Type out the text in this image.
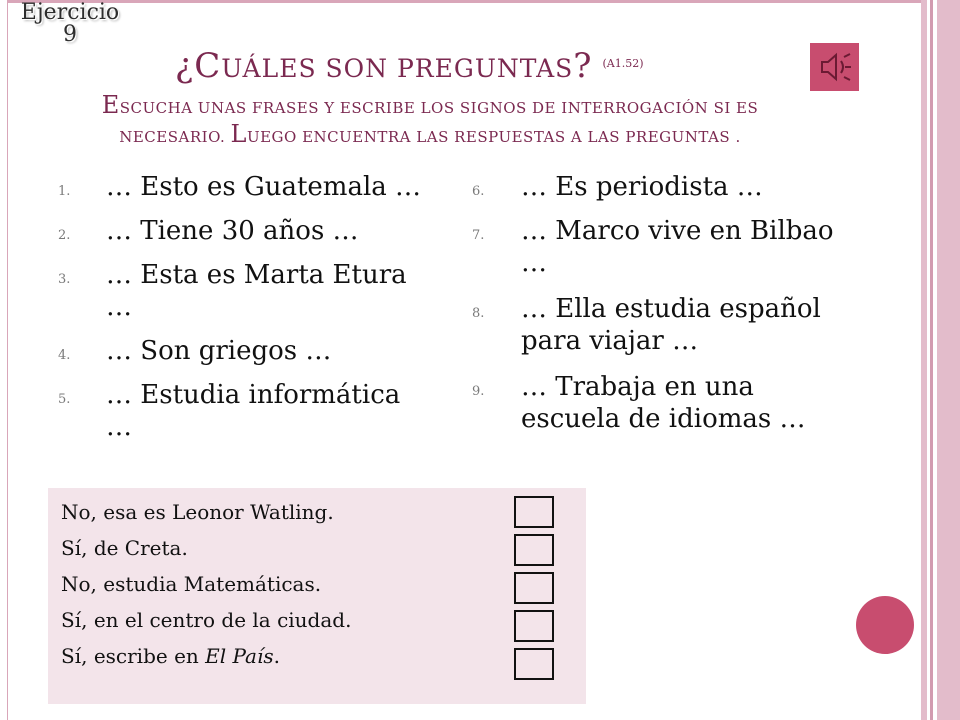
Ejercicio
9
¿CUÁLES SON PREGUNTAS? $^{(A1.52)}$
ESCUCHA UNAS FRASES Y ESCRIBE LOS SIGNOS DE INTERROGACIÓN SI ES
NECESARIO. LUEGO ENCUENTRA LAS RESPUESTAS A LAS PREGUNTAS .
1. … Esto es Guatemala …
2. … Tiene 30 años …
3. … Esta es Marta Etura
…
4. … Son griegos …
5. … Estudia informática
…
6. … Es periodista …
7. … Marco vive en Bilbao
…
8. … Ella estudia español
para viajar …
9. … Trabaja en una
escuela de idiomas …
No, esa es Leonor Watling.
Sí, de Creta.
No, estudia Matemáticas.
Sí, en el centro de la ciudad.
Sí, escribe en El País.
